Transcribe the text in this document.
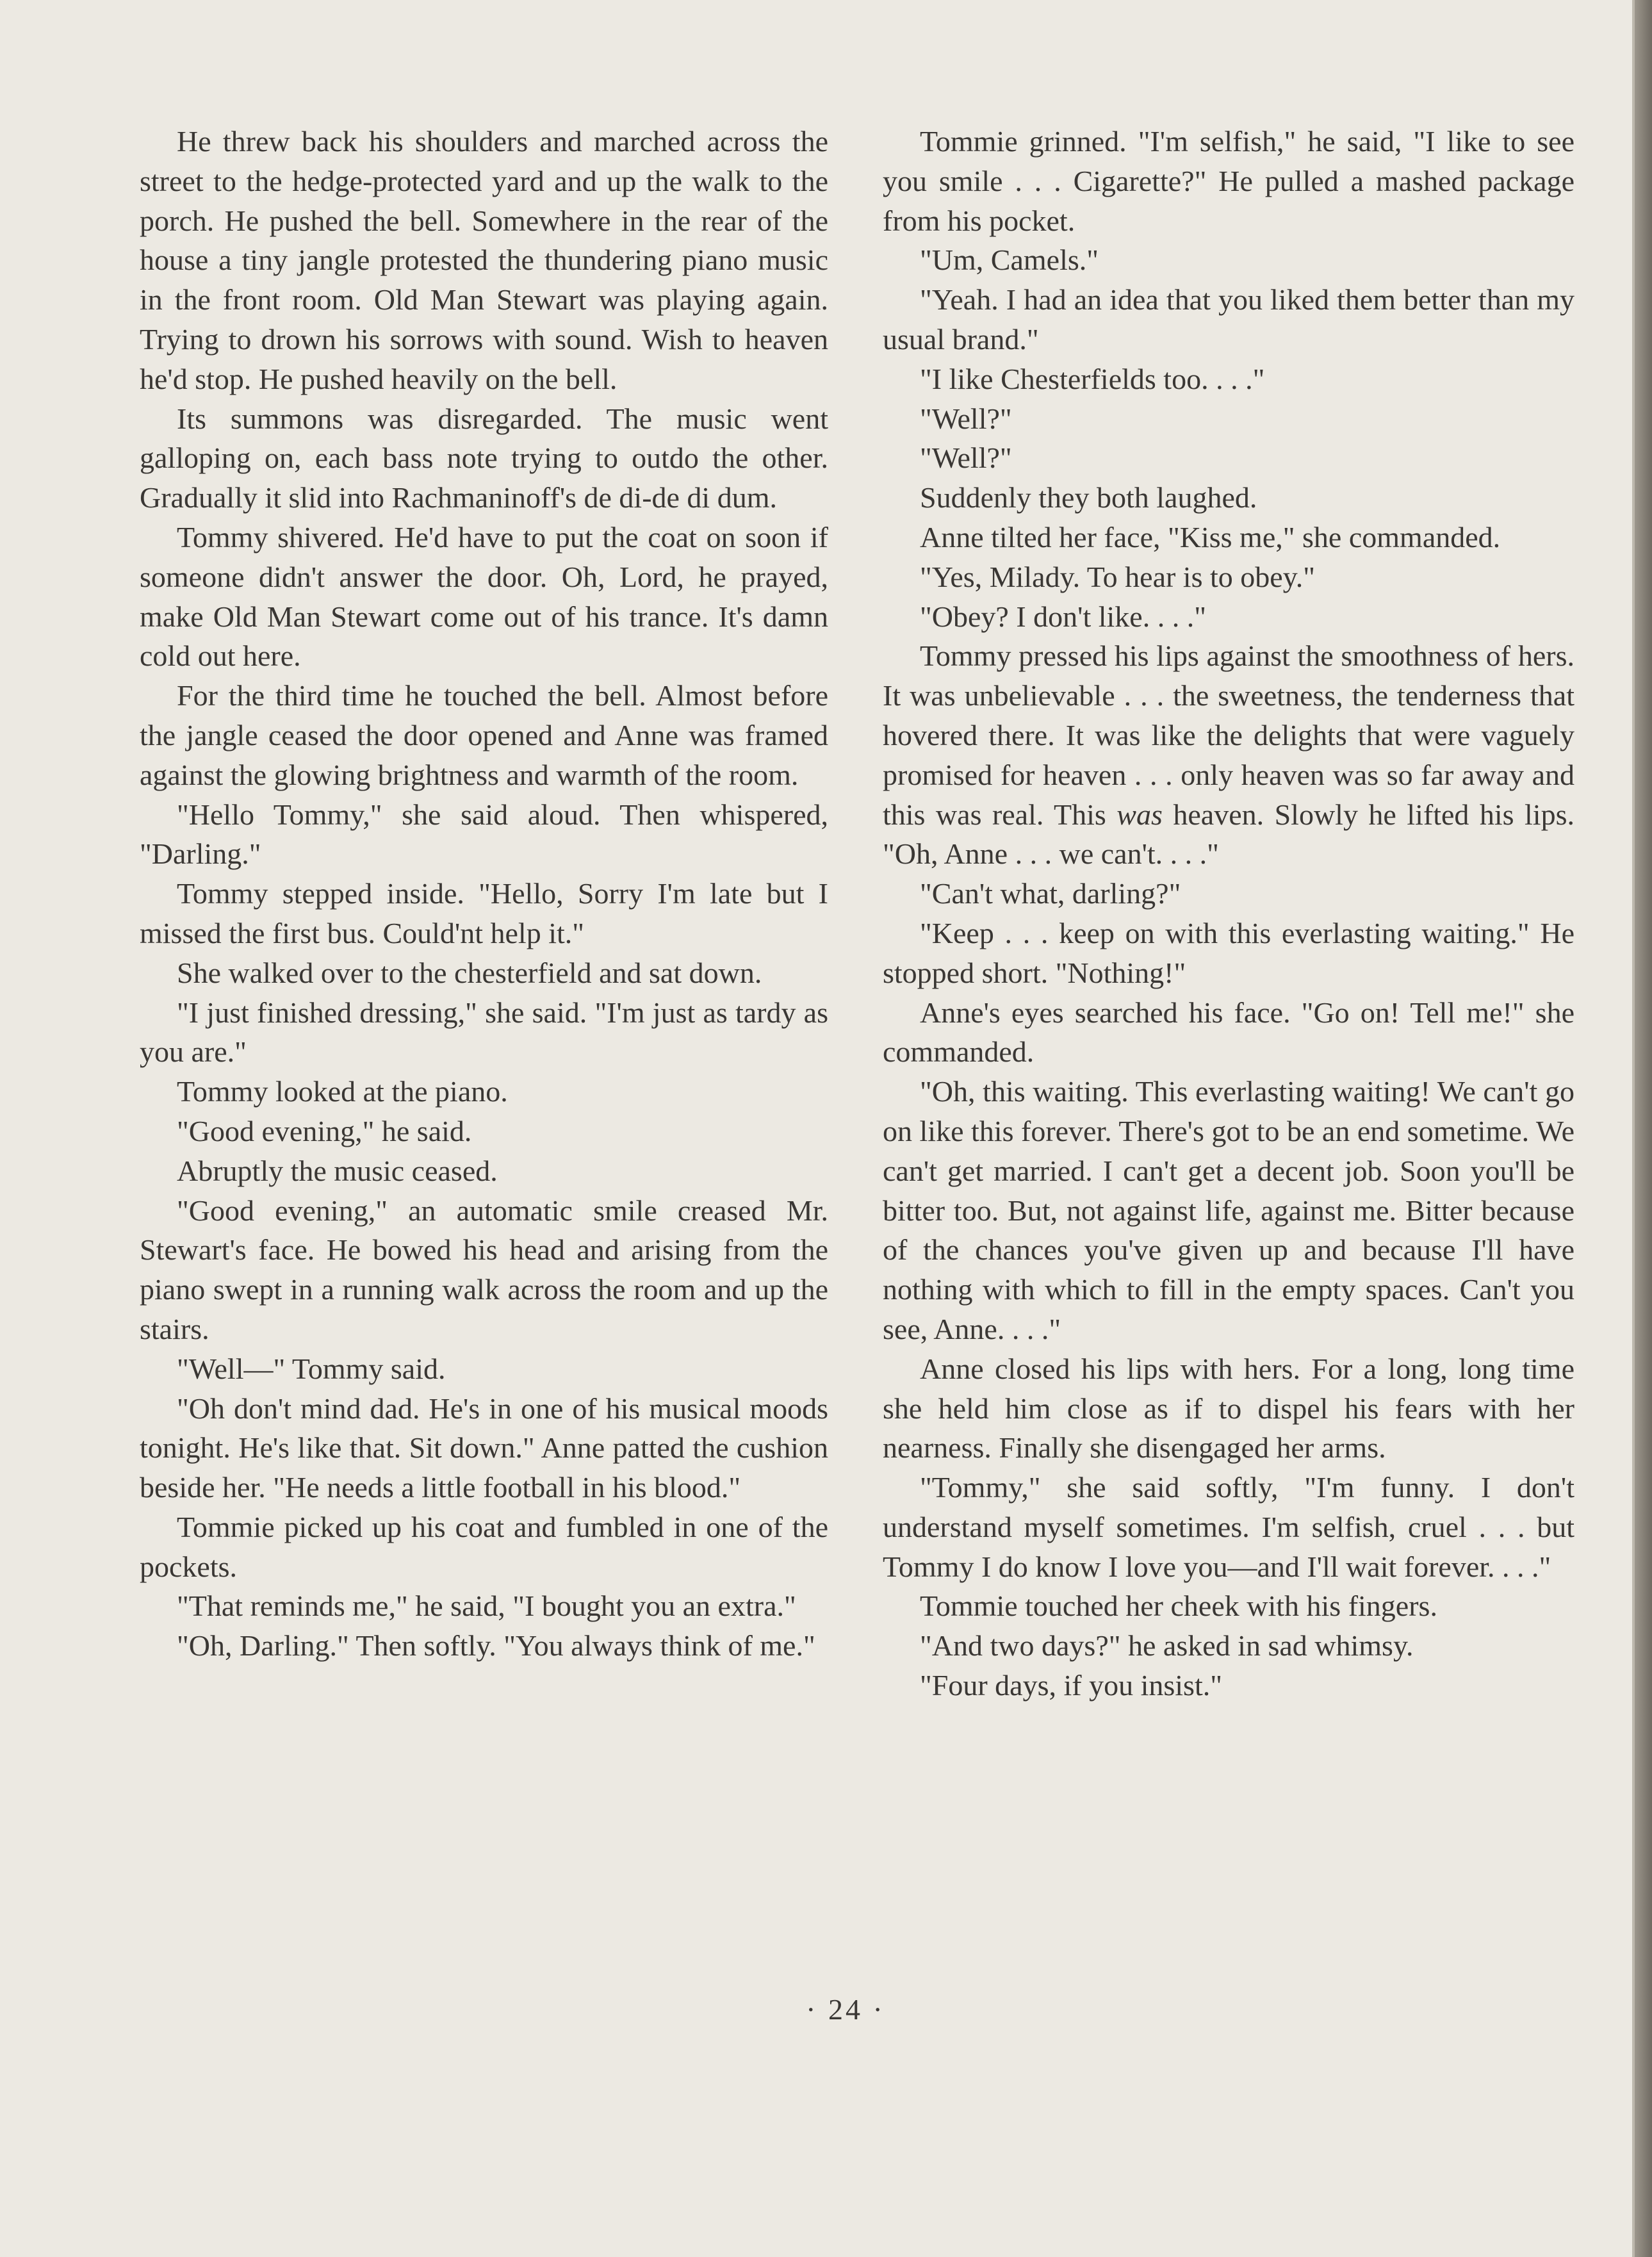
He threw back his shoulders and marched across the street to the hedge-protected yard and up the walk to the porch. He pushed the bell. Somewhere in the rear of the house a tiny jangle protested the thundering piano music in the front room. Old Man Stewart was playing again. Trying to drown his sorrows with sound. Wish to heaven he'd stop. He pushed heavily on the bell.

Its summons was disregarded. The music went galloping on, each bass note trying to outdo the other. Gradually it slid into Rachmaninoff's de di-de di dum.

Tommy shivered. He'd have to put the coat on soon if someone didn't answer the door. Oh, Lord, he prayed, make Old Man Stewart come out of his trance. It's damn cold out here.

For the third time he touched the bell. Almost before the jangle ceased the door opened and Anne was framed against the glowing brightness and warmth of the room.

"Hello Tommy," she said aloud. Then whispered, "Darling."

Tommy stepped inside. "Hello, Sorry I'm late but I missed the first bus. Could'nt help it."

She walked over to the chesterfield and sat down.

"I just finished dressing," she said. "I'm just as tardy as you are."

Tommy looked at the piano.

"Good evening," he said.

Abruptly the music ceased.

"Good evening," an automatic smile creased Mr. Stewart's face. He bowed his head and arising from the piano swept in a running walk across the room and up the stairs.

"Well—" Tommy said.

"Oh don't mind dad. He's in one of his musical moods tonight. He's like that. Sit down." Anne patted the cushion beside her. "He needs a little football in his blood."

Tommie picked up his coat and fumbled in one of the pockets.

"That reminds me," he said, "I bought you an extra."

"Oh, Darling." Then softly. "You always think of me."

Tommie grinned. "I'm selfish," he said, "I like to see you smile . . . Cigarette?" He pulled a mashed package from his pocket.

"Um, Camels."

"Yeah. I had an idea that you liked them better than my usual brand."

"I like Chesterfields too. . . ."

"Well?"

"Well?"

Suddenly they both laughed.

Anne tilted her face, "Kiss me," she commanded.

"Yes, Milady. To hear is to obey."

"Obey? I don't like. . . ."

Tommy pressed his lips against the smoothness of hers. It was unbelievable . . . the sweetness, the tenderness that hovered there. It was like the delights that were vaguely promised for heaven . . . only heaven was so far away and this was real. This was heaven. Slowly he lifted his lips. "Oh, Anne . . . we can't. . . ."

"Can't what, darling?"

"Keep . . . keep on with this everlasting waiting." He stopped short. "Nothing!"

Anne's eyes searched his face. "Go on! Tell me!" she commanded.

"Oh, this waiting. This everlasting waiting! We can't go on like this forever. There's got to be an end sometime. We can't get married. I can't get a decent job. Soon you'll be bitter too. But, not against life, against me. Bitter because of the chances you've given up and because I'll have nothing with which to fill in the empty spaces. Can't you see, Anne. . . ."

Anne closed his lips with hers. For a long, long time she held him close as if to dispel his fears with her nearness. Finally she disengaged her arms.

"Tommy," she said softly, "I'm funny. I don't understand myself sometimes. I'm selfish, cruel . . . but Tommy I do know I love you—and I'll wait forever. . . ."

Tommie touched her cheek with his fingers.

"And two days?" he asked in sad whimsy.

"Four days, if you insist."

· 24 ·
